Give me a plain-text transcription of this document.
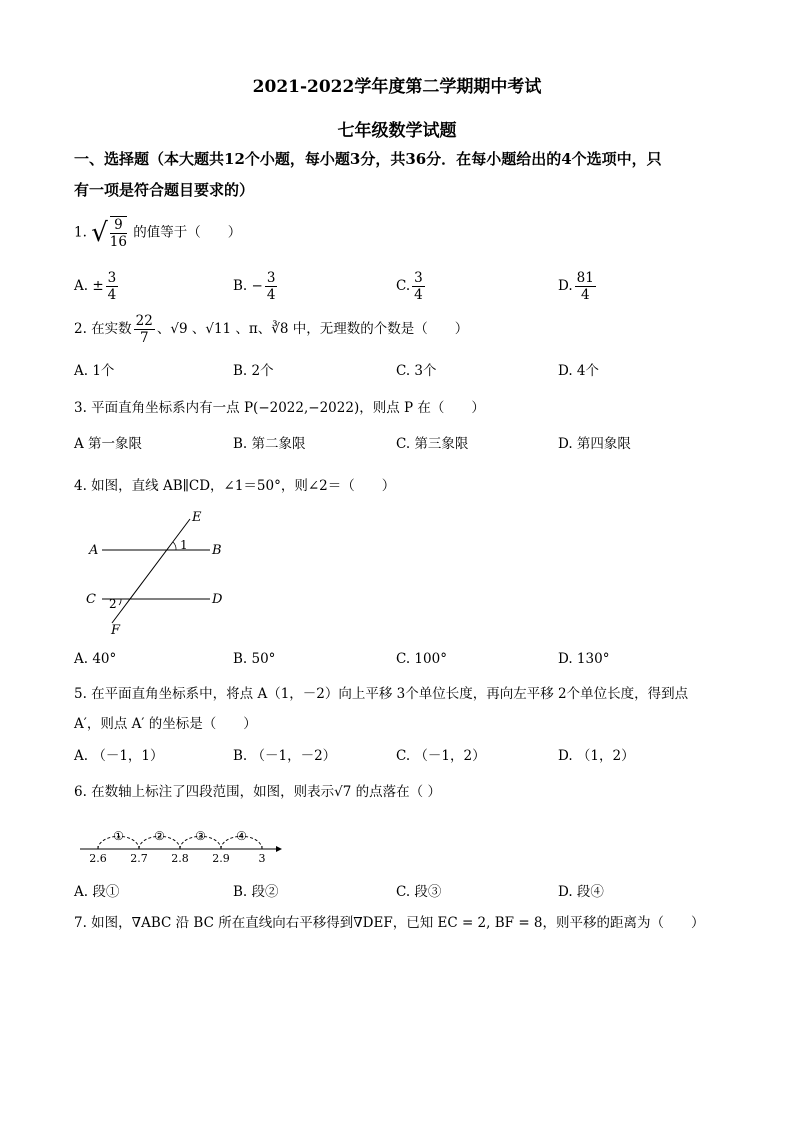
2021-2022学年度第二学期期中考试
七年级数学试题
一、选择题（本大题共12个小题，每小题3分，共36分．在每小题给出的4个选项中，只
有一项是符合题目要求的）
1. √ $\frac{9}{16}$ 的值等于（　　）
A. ± $\frac{3}{4}$	B. − $\frac{3}{4}$	C. $\frac{3}{4}$	D. $\frac{81}{4}$
2. 在实数 $\frac{22}{7}$ 、√9 、√11 、π、∛8 中，无理数的个数是（　　）
A. 1个	B. 2个	C. 3个	D. 4个
3. 平面直角坐标系内有一点 P(−2022,−2022)，则点 P 在（　　）
A 第一象限	B. 第二象限	C. 第三象限	D. 第四象限
4. 如图，直线 AB∥CD，∠1＝50°，则∠2＝（　　）
E
A	B
C	D
F
1
2
A. 40°	B. 50°	C. 100°	D. 130°
5. 在平面直角坐标系中，将点 A（1，－2）向上平移 3个单位长度，再向左平移 2个单位长度，得到点
A′，则点 A′ 的坐标是（　　）
A. （－1，1）	B. （－1，－2）	C. （－1，2）	D. （1，2）
6. 在数轴上标注了四段范围，如图，则表示√7 的点落在（ ）
2.6 2.7 2.8 2.9	3
①	②	③	④
A. 段①	B. 段②	C. 段③	D. 段④
7. 如图，∇ABC 沿 BC 所在直线向右平移得到∇DEF，已知 EC = 2, BF = 8，则平移的距离为（　　）
